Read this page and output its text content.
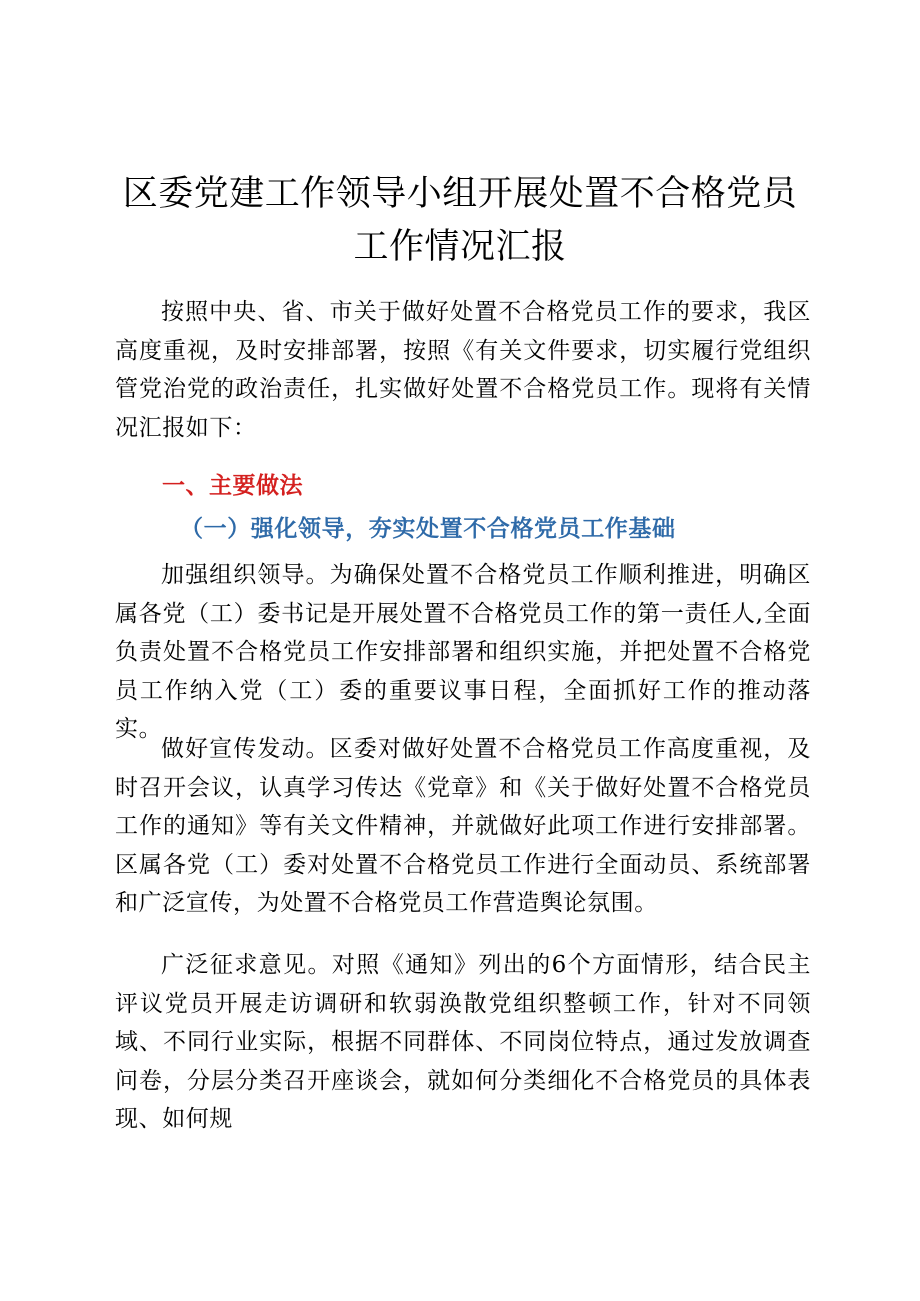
区委党建工作领导小组开展处置不合格党员工作情况汇报

按照中央、省、市关于做好处置不合格党员工作的要求，我区高度重视，及时安排部署，按照《有关文件要求，切实履行党组织管党治党的政治责任，扎实做好处置不合格党员工作。现将有关情况汇报如下：

一、主要做法
（一）强化领导，夯实处置不合格党员工作基础

加强组织领导。为确保处置不合格党员工作顺利推进，明确区属各党（工）委书记是开展处置不合格党员工作的第一责任人,全面负责处置不合格党员工作安排部署和组织实施，并把处置不合格党员工作纳入党（工）委的重要议事日程，全面抓好工作的推动落实。

做好宣传发动。区委对做好处置不合格党员工作高度重视，及时召开会议，认真学习传达《党章》和《关于做好处置不合格党员工作的通知》等有关文件精神，并就做好此项工作进行安排部署。区属各党（工）委对处置不合格党员工作进行全面动员、系统部署和广泛宣传，为处置不合格党员工作营造舆论氛围。

广泛征求意见。对照《通知》列出的6个方面情形，结合民主评议党员开展走访调研和软弱涣散党组织整顿工作，针对不同领域、不同行业实际，根据不同群体、不同岗位特点，通过发放调查问卷，分层分类召开座谈会，就如何分类细化不合格党员的具体表现、如何规
